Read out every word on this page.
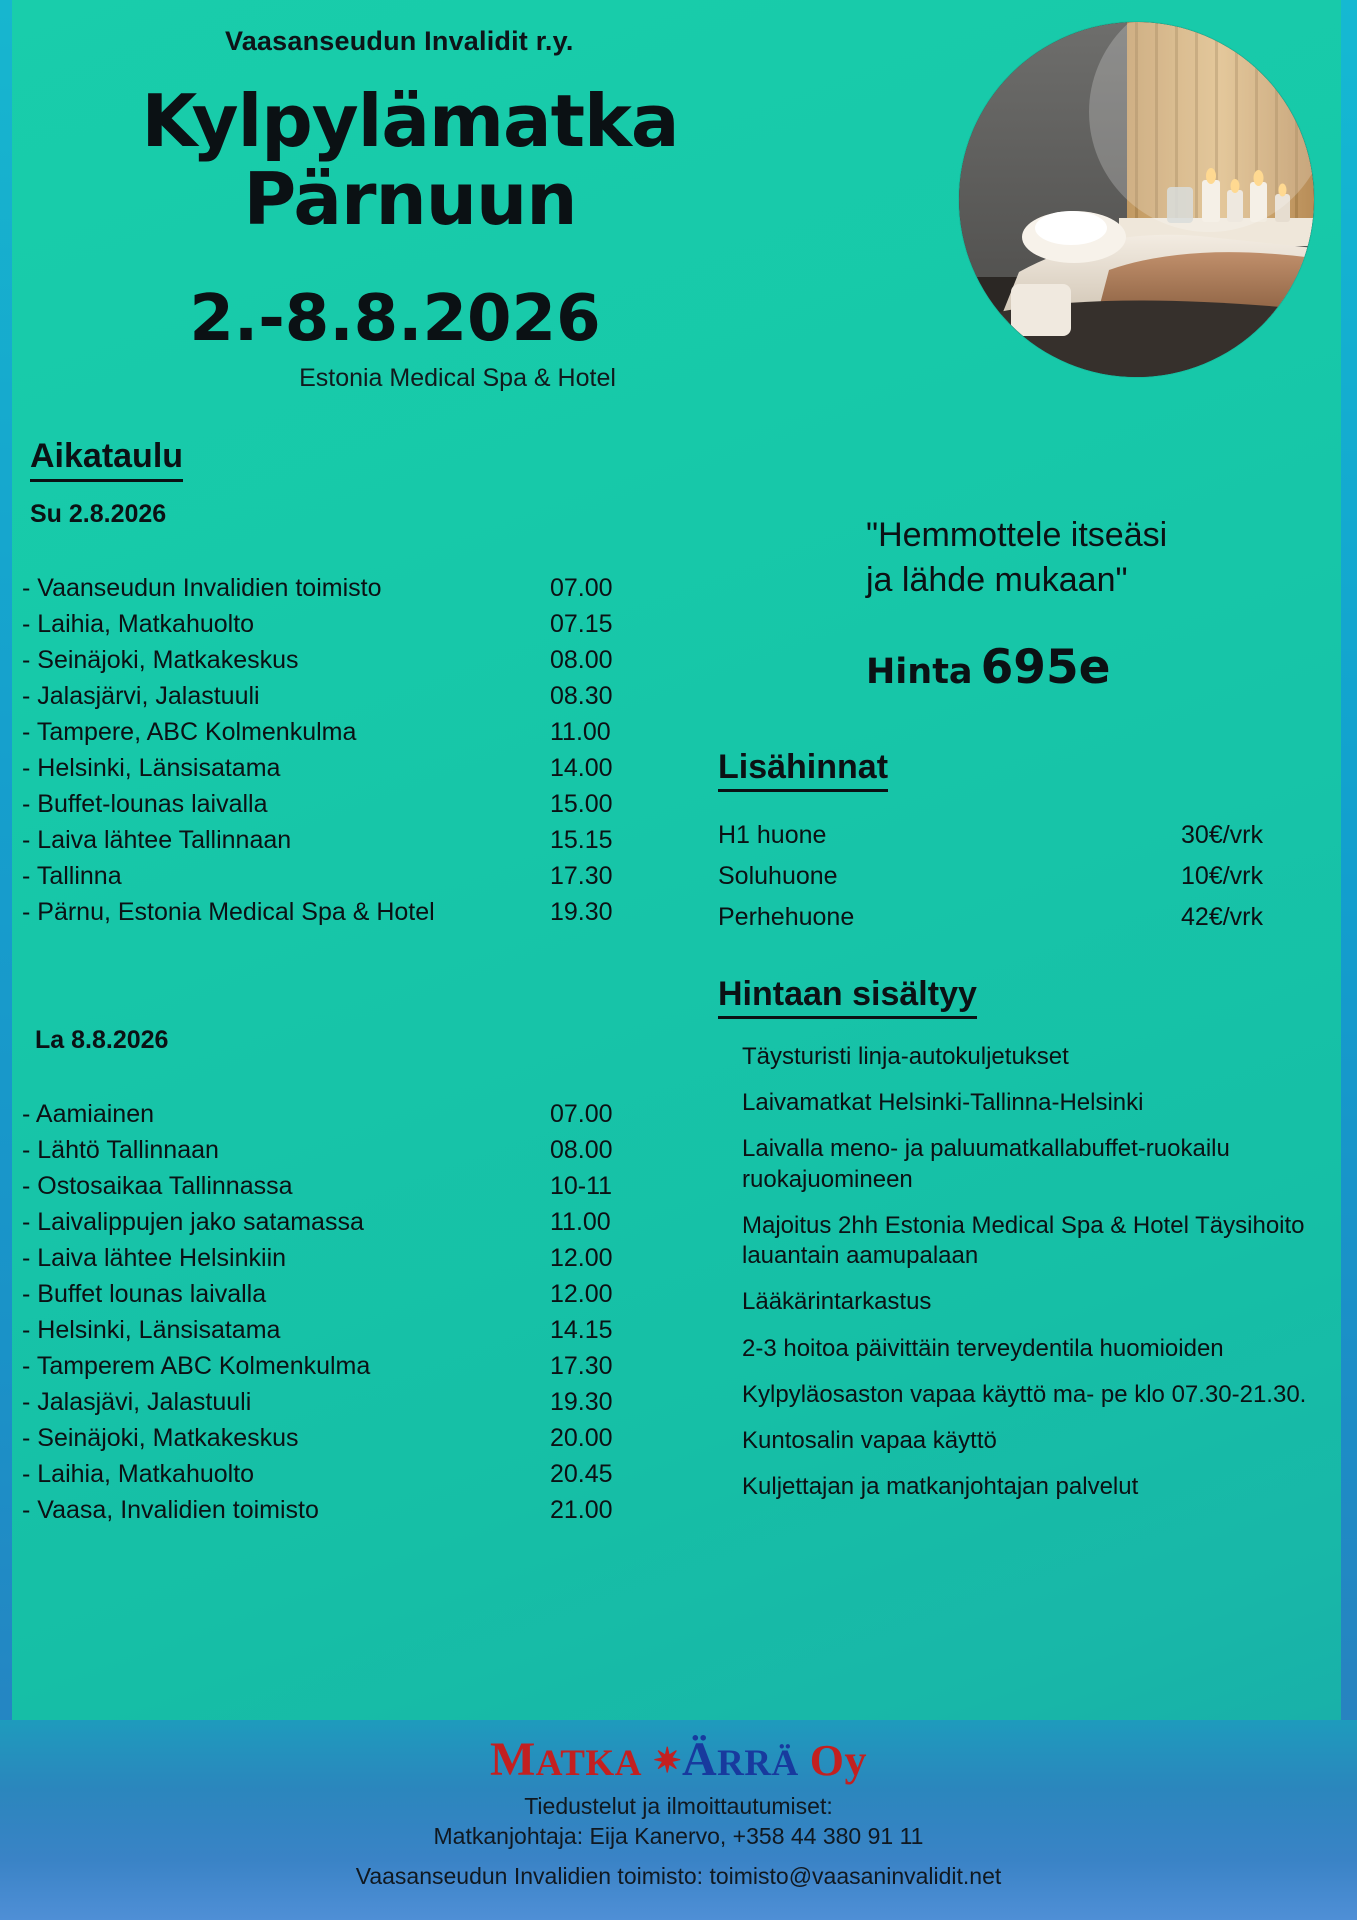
Vaasanseudun Invalidit r.y.
Kylpylämatka
Pärnuun
2.-8.8.2026
Estonia Medical Spa & Hotel
Aikataulu
Su 2.8.2026
- Vaanseudun Invalidien toimisto	07.00
- Laihia, Matkahuolto	07.15
- Seinäjoki, Matkakeskus	08.00
- Jalasjärvi, Jalastuuli	08.30
- Tampere, ABC Kolmenkulma	11.00
- Helsinki, Länsisatama	14.00
- Buffet-lounas laivalla	15.00
- Laiva lähtee Tallinnaan	15.15
- Tallinna	17.30
- Pärnu, Estonia Medical Spa & Hotel	19.30
La 8.8.2026
- Aamiainen	07.00
- Lähtö Tallinnaan	08.00
- Ostosaikaa Tallinnassa	10-11
- Laivalippujen jako satamassa	11.00
- Laiva lähtee Helsinkiin	12.00
- Buffet lounas laivalla	12.00
- Helsinki, Länsisatama	14.15
- Tamperem ABC Kolmenkulma	17.30
- Jalasjävi, Jalastuuli	19.30
- Seinäjoki, Matkakeskus	20.00
- Laihia, Matkahuolto	20.45
- Vaasa, Invalidien toimisto	21.00
"Hemmottele itseäsi
ja lähde mukaan"
Hinta 695e
Lisähinnat
H1 huone	30€/vrk
Soluhuone	10€/vrk
Perhehuone	42€/vrk
Hintaan sisältyy
Täysturisti linja-autokuljetukset
Laivamatkat Helsinki-Tallinna-Helsinki
Laivalla meno- ja paluumatkallabuffet-ruokailu ruokajuomineen
Majoitus 2hh Estonia Medical Spa & Hotel Täysihoito lauantain aamupalaan
Lääkärintarkastus
2-3 hoitoa päivittäin terveydentila huomioiden
Kylpyläosaston vapaa käyttö ma- pe klo 07.30-21.30.
Kuntosalin vapaa käyttö
Kuljettajan ja matkanjohtajan palvelut
MATKA ✷ÄRRÄ Oy
Tiedustelut ja ilmoittautumiset:
Matkanjohtaja: Eija Kanervo, +358 44 380 91 11
Vaasanseudun Invalidien toimisto: toimisto@vaasaninvalidit.net
